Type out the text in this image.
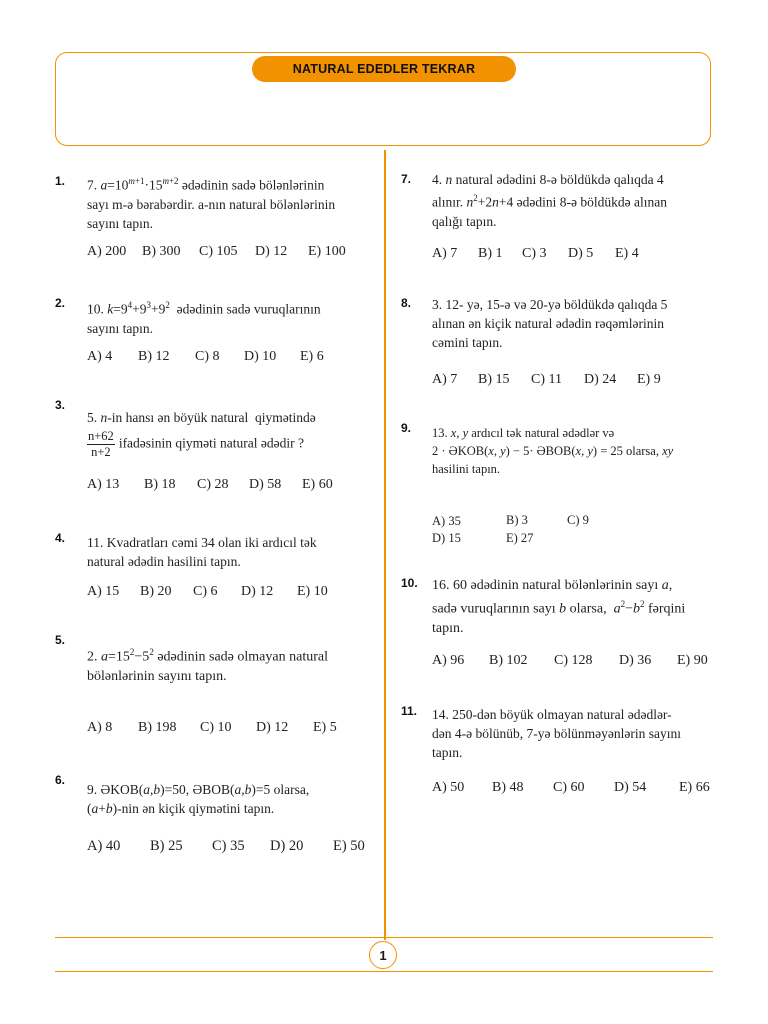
NATURAL EDEDLER TEKRAR
1
1. 7. $a=10^{m+1}\cdot 15^{m+2}$ ədədinin sadə bölənlərinin
sayı m-ə bərabərdir. a-nın natural bölənlərinin
sayını tapın.
A) 200 B) 300 C) 105 D) 12 E) 100
2. 10. $k=9^4+9^3+9^2$  ədədinin sadə vuruqlarının
sayını tapın.
A) 4 B) 12 C) 8 D) 10 E) 6
3.
5. n-in hansı ən böyük natural  qiymətində
$\frac{n+62}{n+2}$ ifadəsinin qiymәti natural ədədir ?
A) 13 B) 18 C) 28 D) 58 E) 60
4. 11. Kvadratları cəmi 34 olan iki ardıcıl tək
natural ədədin hasilini tapın.
A) 15 B) 20 C) 6 D) 12 E) 10
5.
2. $a=15^2-5^2$ ədədinin sadə olmayan natural
bölənlərinin sayını tapın.
A) 8 B) 198 C) 10 D) 12 E) 5
6.
9. ƏKOB(a,b)=50, ƏBOB(a,b)=5 olarsa,
(a+b)-nin ən kiçik qiymətini tapın.
A) 40 B) 25 C) 35 D) 20 E) 50
7. 4. n natural ədədini 8-ə böldükdə qalıqda 4
alınır. $n^2+2n+4$ ədədini 8-ə böldükdə alınan
qalığı tapın.
A) 7 B) 1 C) 3 D) 5 E) 4
8. 3. 12- yə, 15-ə və 20-yə böldükdə qalıqda 5
alınan ən kiçik natural ədədin rəqəmlərinin
cəmini tapın.
A) 7 B) 15 C) 11 D) 24 E) 9
9. 13. x, y ardıcıl tək natural ədədlər və
2 · ƏKOB(x, y) − 5· ƏBOB(x, y) = 25 olarsa, xy
hasilini tapın.
A) 35	B) 3	C) 9
D) 15	E) 27
10. 16. 60 ədədinin natural bölənlərinin sayı a,
sadə vuruqlarının sayı b olarsa,  $a^2-b^2$ fərqini
tapın.
A) 96 B) 102 C) 128 D) 36 E) 90
11. 14. 250-dən böyük olmayan natural ədədlər-
dən 4-ə bölünüb, 7-yə bölünməyənlərin sayını
tapın.
A) 50 B) 48 C) 60 D) 54 E) 66
